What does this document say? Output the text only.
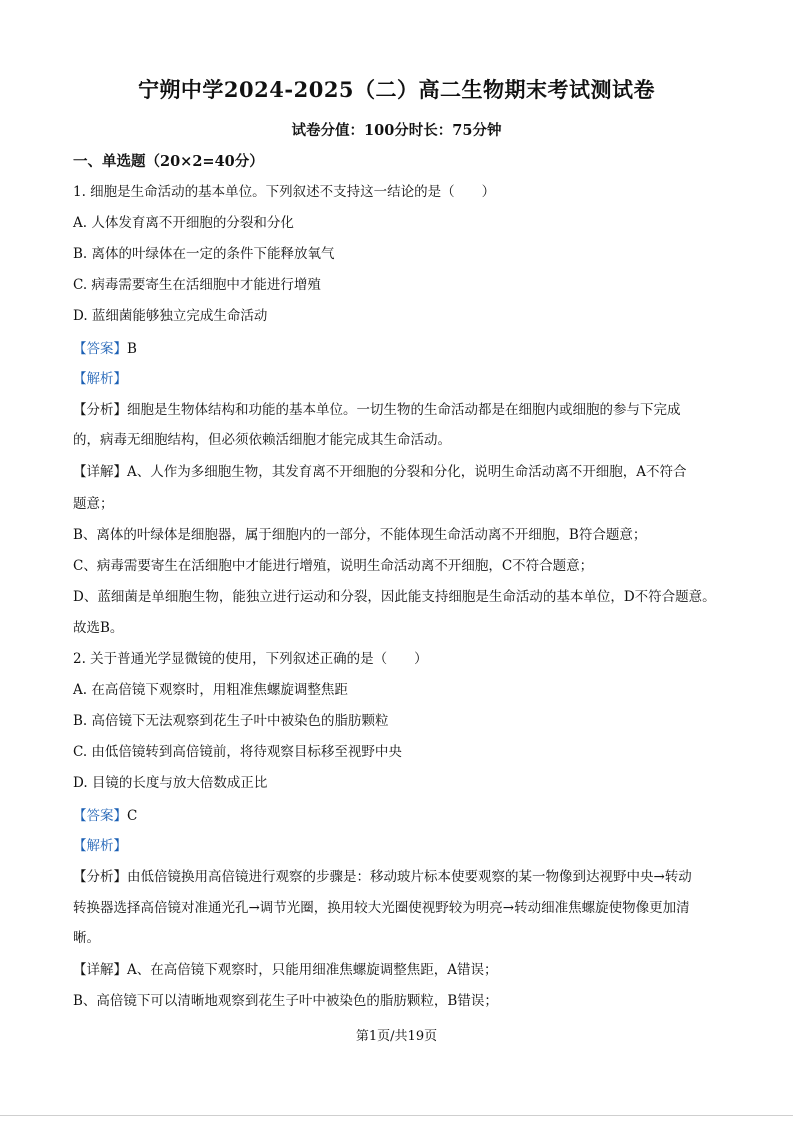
宁朔中学2024-2025（二）高二生物期末考试测试卷
试卷分值：100分时长：75分钟
一、单选题（20×2=40分）
1. 细胞是生命活动的基本单位。下列叙述不支持这一结论的是（　　）
A. 人体发育离不开细胞的分裂和分化
B. 离体的叶绿体在一定的条件下能释放氧气
C. 病毒需要寄生在活细胞中才能进行增殖
D. 蓝细菌能够独立完成生命活动
【答案】B
【解析】
【分析】细胞是生物体结构和功能的基本单位。一切生物的生命活动都是在细胞内或细胞的参与下完成
的，病毒无细胞结构，但必须依赖活细胞才能完成其生命活动。
【详解】A、人作为多细胞生物，其发育离不开细胞的分裂和分化，说明生命活动离不开细胞，A不符合
题意；
B、离体的叶绿体是细胞器，属于细胞内的一部分，不能体现生命活动离不开细胞，B符合题意；
C、病毒需要寄生在活细胞中才能进行增殖，说明生命活动离不开细胞，C不符合题意；
D、蓝细菌是单细胞生物，能独立进行运动和分裂，因此能支持细胞是生命活动的基本单位，D不符合题意。
故选B。
2. 关于普通光学显微镜的使用，下列叙述正确的是（　　）
A. 在高倍镜下观察时，用粗准焦螺旋调整焦距
B. 高倍镜下无法观察到花生子叶中被染色的脂肪颗粒
C. 由低倍镜转到高倍镜前，将待观察目标移至视野中央
D. 目镜的长度与放大倍数成正比
【答案】C
【解析】
【分析】由低倍镜换用高倍镜进行观察的步骤是：移动玻片标本使要观察的某一物像到达视野中央→转动
转换器选择高倍镜对准通光孔→调节光圈，换用较大光圈使视野较为明亮→转动细准焦螺旋使物像更加清
晰。
【详解】A、在高倍镜下观察时，只能用细准焦螺旋调整焦距，A错误；
B、高倍镜下可以清晰地观察到花生子叶中被染色的脂肪颗粒，B错误；
第1页/共19页
